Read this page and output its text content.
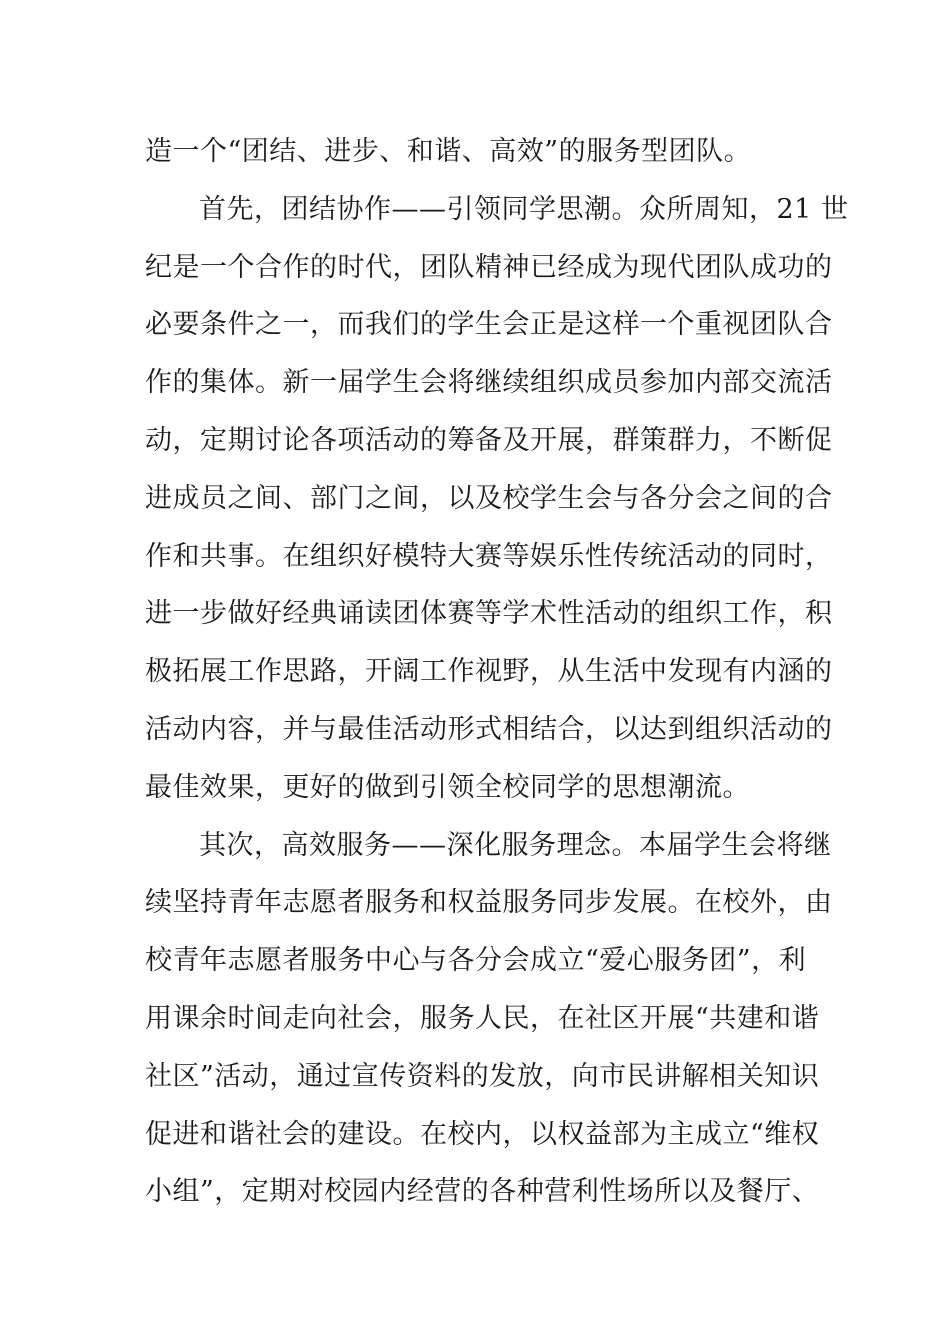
造一个“团结、进步、和谐、高效”的服务型团队。
首先，团结协作——引领同学思潮。众所周知，21 世
纪是一个合作的时代，团队精神已经成为现代团队成功的
必要条件之一，而我们的学生会正是这样一个重视团队合
作的集体。新一届学生会将继续组织成员参加内部交流活
动，定期讨论各项活动的筹备及开展，群策群力，不断促
进成员之间、部门之间，以及校学生会与各分会之间的合
作和共事。在组织好模特大赛等娱乐性传统活动的同时，
进一步做好经典诵读团体赛等学术性活动的组织工作，积
极拓展工作思路，开阔工作视野，从生活中发现有内涵的
活动内容，并与最佳活动形式相结合，以达到组织活动的
最佳效果，更好的做到引领全校同学的思想潮流。
其次，高效服务——深化服务理念。本届学生会将继
续坚持青年志愿者服务和权益服务同步发展。在校外，由
校青年志愿者服务中心与各分会成立“爱心服务团”，利
用课余时间走向社会，服务人民，在社区开展“共建和谐
社区”活动，通过宣传资料的发放，向市民讲解相关知识
促进和谐社会的建设。在校内，以权益部为主成立“维权
小组”，定期对校园内经营的各种营利性场所以及餐厅、
